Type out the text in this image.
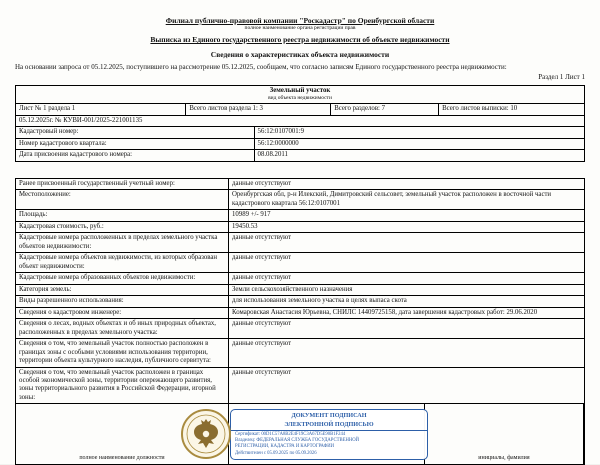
Филиал публично-правовой компании "Роскадастр" по Оренбургской области
полное наименование органа регистрации прав
Выписка из Единого государственного реестра недвижимости об объекте недвижимости
Сведения о характеристиках объекта недвижимости
На основании запроса от 05.12.2025, поступившего на рассмотрение 05.12.2025, сообщаем, что согласно записям Единого государственного реестра недвижимости:
Раздел 1 Лист 1
Земельный участок
вид объекта недвижимости
Лист № 1 раздела 1	Всего листов раздела 1: 3	Всего разделов: 7	Всего листов выписки: 10
05.12.2025г. № КУВИ-001/2025-221001135
Кадастровый номер:	56:12:0107001:9
Номер кадастрового квартала:	56:12:0000000
Дата присвоения кадастрового номера:	08.08.2011
Ранее присвоенный государственный учетный номер:	данные отсутствуют
Местоположение:	Оренбургская обл, р-н Илекский, Димитровский сельсовет, земельный участок расположен в восточной части кадастрового квартала 56:12:0107001
Площадь:	10989 +/- 917
Кадастровая стоимость, руб.:	19450.53
Кадастровые номера расположенных в пределах земельного участка объектов недвижимости:
данные отсутствуют
Кадастровые номера объектов недвижимости, из которых образован объект недвижимости:
данные отсутствуют
Кадастровые номера образованных объектов недвижимости:	данные отсутствуют
Категория земель:	Земли сельскохозяйственного назначения
Виды разрешенного использования:	для использования земельного участка в целях выпаса скота
Сведения о кадастровом инженере:	Комаровская Анастасия Юрьевна, СНИЛС 14409725158, дата завершения кадастровых работ: 29.06.2020
Сведения о лесах, водных объектах и об иных природных объектах, расположенных в пределах земельного участка:
данные отсутствуют
Сведения о том, что земельный участок полностью расположен в границах зоны с особыми условиями использования территории, территории объекта культурного наследия, публичного сервитута:
данные отсутствуют
Сведения о том, что земельный участок расположен в границах особой экономической зоны, территории опережающего развития, зоны территориального развития в Российской Федерации, игорной зоны:
данные отсутствуют
полное наименование должности	инициалы, фамилия
ДОКУМЕНТ ПОДПИСАН
ЭЛЕКТРОННОЙ ПОДПИСЬЮ
Сертификат: 00D1C57A8B2E4F19C3A67D5E90B1F244
Владелец: ФЕДЕРАЛЬНАЯ СЛУЖБА ГОСУДАРСТВЕННОЙ
РЕГИСТРАЦИИ, КАДАСТРА И КАРТОГРАФИИ
Действителен с 05.09.2025 по 05.09.2026
